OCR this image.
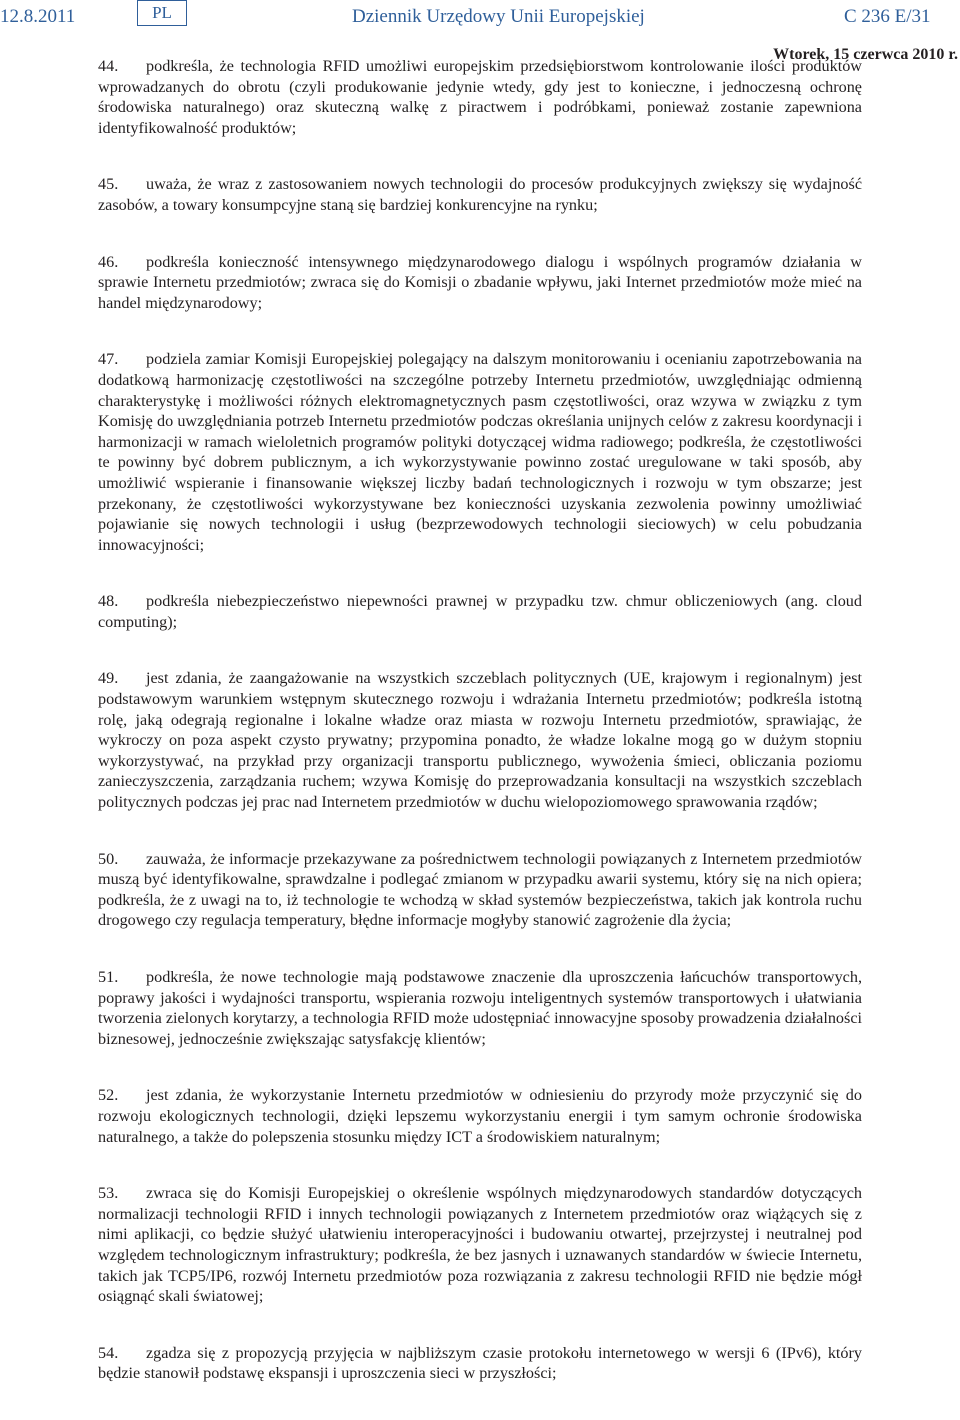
12.8.2011	PL	Dziennik Urzędowy Unii Europejskiej	C 236 E/31
Wtorek, 15 czerwca 2010 r.

44. podkreśla, że technologia RFID umożliwi europejskim przedsiębiorstwom kontrolowanie ilości produktów wprowadzanych do obrotu (czyli produkowanie jedynie wtedy, gdy jest to konieczne, i jednoczesną ochronę środowiska naturalnego) oraz skuteczną walkę z piractwem i podróbkami, ponieważ zostanie zapewniona identyfikowalność produktów;

45. uważa, że wraz z zastosowaniem nowych technologii do procesów produkcyjnych zwiększy się wydajność zasobów, a towary konsumpcyjne staną się bardziej konkurencyjne na rynku;

46. podkreśla konieczność intensywnego międzynarodowego dialogu i wspólnych programów działania w sprawie Internetu przedmiotów; zwraca się do Komisji o zbadanie wpływu, jaki Internet przedmiotów może mieć na handel międzynarodowy;

47. podziela zamiar Komisji Europejskiej polegający na dalszym monitorowaniu i ocenianiu zapotrzebowania na dodatkową harmonizację częstotliwości na szczególne potrzeby Internetu przedmiotów, uwzględniając odmienną charakterystykę i możliwości różnych elektromagnetycznych pasm częstotliwości, oraz wzywa w związku z tym Komisję do uwzględniania potrzeb Internetu przedmiotów podczas określania unijnych celów z zakresu koordynacji i harmonizacji w ramach wieloletnich programów polityki dotyczącej widma radiowego; podkreśla, że częstotliwości te powinny być dobrem publicznym, a ich wykorzystywanie powinno zostać uregulowane w taki sposób, aby umożliwić wspieranie i finansowanie większej liczby badań technologicznych i rozwoju w tym obszarze; jest przekonany, że częstotliwości wykorzystywane bez konieczności uzyskania zezwolenia powinny umożliwiać pojawianie się nowych technologii i usług (bezprzewodowych technologii sieciowych) w celu pobudzania innowacyjności;

48. podkreśla niebezpieczeństwo niepewności prawnej w przypadku tzw. chmur obliczeniowych (ang. cloud computing);

49. jest zdania, że zaangażowanie na wszystkich szczeblach politycznych (UE, krajowym i regionalnym) jest podstawowym warunkiem wstępnym skutecznego rozwoju i wdrażania Internetu przedmiotów; podkreśla istotną rolę, jaką odegrają regionalne i lokalne władze oraz miasta w rozwoju Internetu przedmiotów, sprawiając, że wykroczy on poza aspekt czysto prywatny; przypomina ponadto, że władze lokalne mogą go w dużym stopniu wykorzystywać, na przykład przy organizacji transportu publicznego, wywożenia śmieci, obliczania poziomu zanieczyszczenia, zarządzania ruchem; wzywa Komisję do przeprowadzania konsultacji na wszystkich szczeblach politycznych podczas jej prac nad Internetem przedmiotów w duchu wielopoziomowego sprawowania rządów;

50. zauważa, że informacje przekazywane za pośrednictwem technologii powiązanych z Internetem przedmiotów muszą być identyfikowalne, sprawdzalne i podlegać zmianom w przypadku awarii systemu, który się na nich opiera; podkreśla, że z uwagi na to, iż technologie te wchodzą w skład systemów bezpieczeństwa, takich jak kontrola ruchu drogowego czy regulacja temperatury, błędne informacje mogłyby stanowić zagrożenie dla życia;

51. podkreśla, że nowe technologie mają podstawowe znaczenie dla uproszczenia łańcuchów transportowych, poprawy jakości i wydajności transportu, wspierania rozwoju inteligentnych systemów transportowych i ułatwiania tworzenia zielonych korytarzy, a technologia RFID może udostępniać innowacyjne sposoby prowadzenia działalności biznesowej, jednocześnie zwiększając satysfakcję klientów;

52. jest zdania, że wykorzystanie Internetu przedmiotów w odniesieniu do przyrody może przyczynić się do rozwoju ekologicznych technologii, dzięki lepszemu wykorzystaniu energii i tym samym ochronie środowiska naturalnego, a także do polepszenia stosunku między ICT a środowiskiem naturalnym;

53. zwraca się do Komisji Europejskiej o określenie wspólnych międzynarodowych standardów dotyczących normalizacji technologii RFID i innych technologii powiązanych z Internetem przedmiotów oraz wiążących się z nimi aplikacji, co będzie służyć ułatwieniu interoperacyjności i budowaniu otwartej, przejrzystej i neutralnej pod względem technologicznym infrastruktury; podkreśla, że bez jasnych i uznawanych standardów w świecie Internetu, takich jak TCP5/IP6, rozwój Internetu przedmiotów poza rozwiązania z zakresu technologii RFID nie będzie mógł osiągnąć skali światowej;

54. zgadza się z propozycją przyjęcia w najbliższym czasie protokołu internetowego w wersji 6 (IPv6), który będzie stanowił podstawę ekspansji i uproszczenia sieci w przyszłości;
